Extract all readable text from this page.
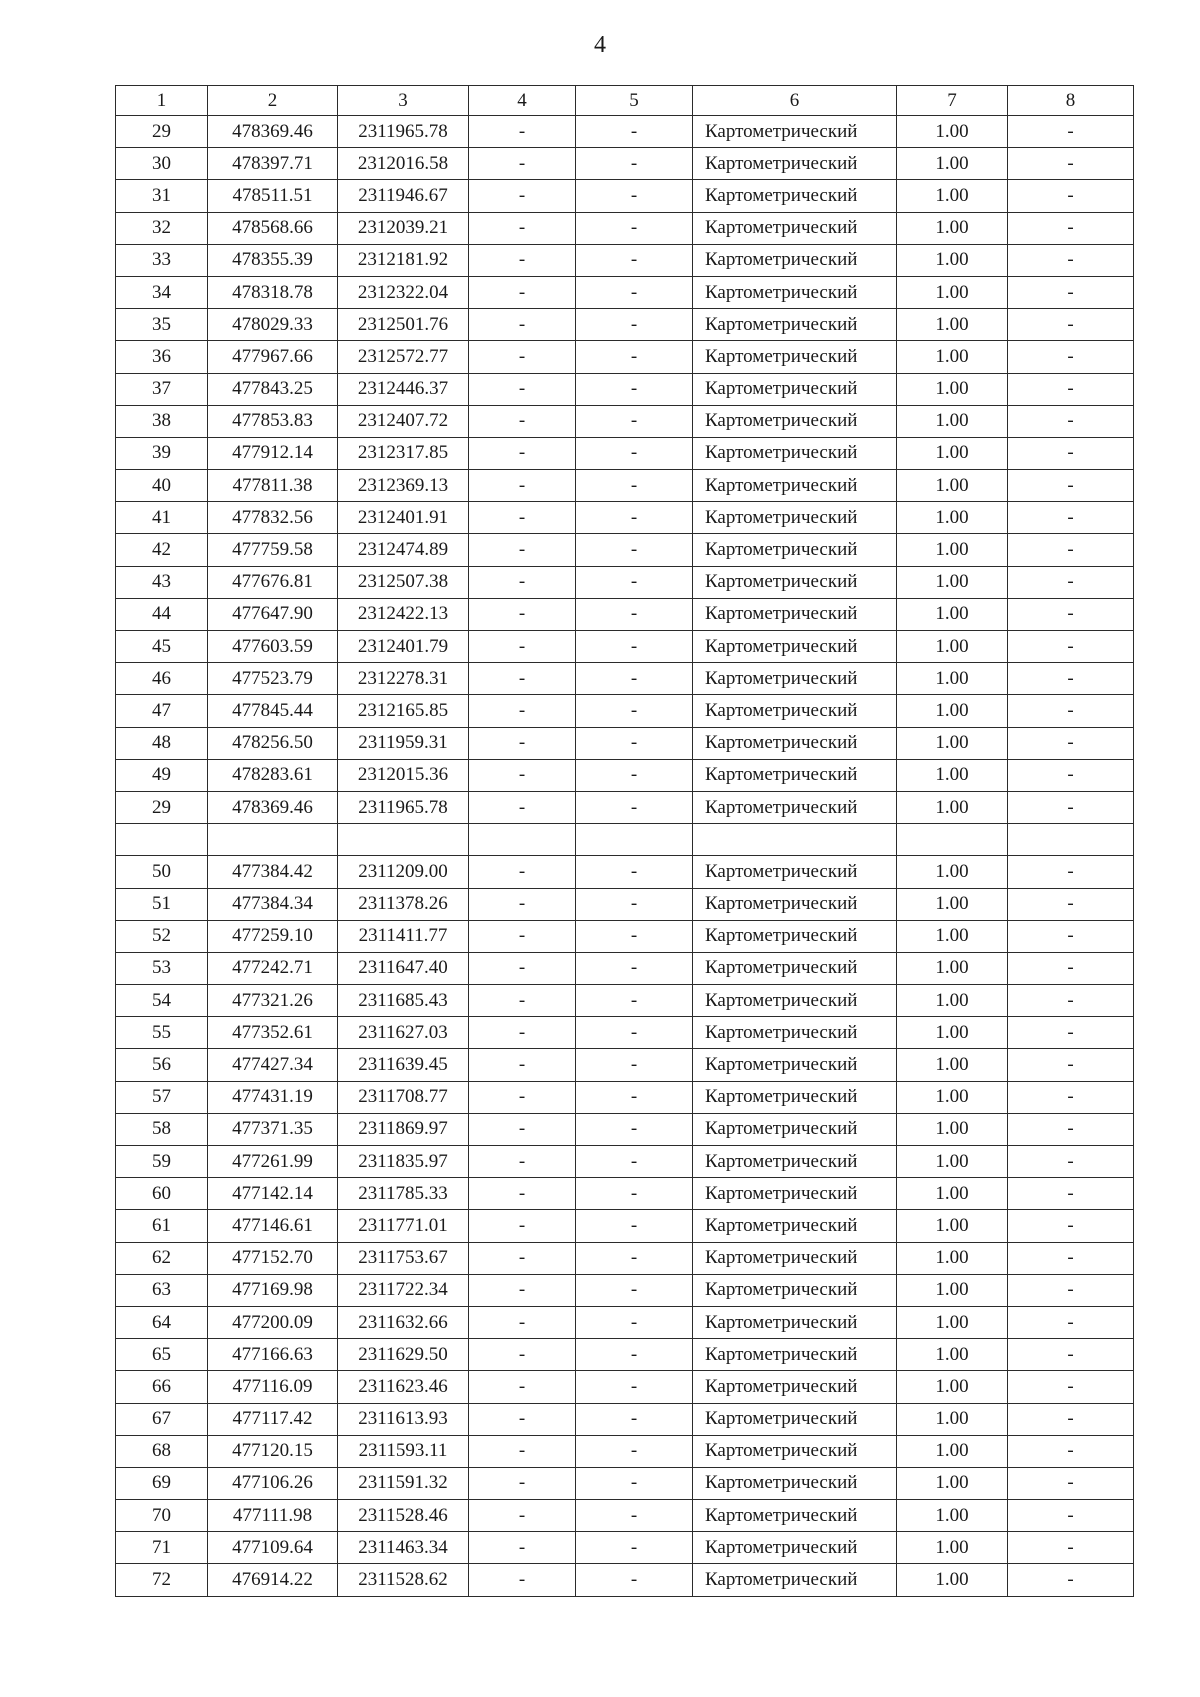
4
1	2	3	4	5	6	7	8
29	478369.46	2311965.78	-	-	Картометрический	1.00	-
30	478397.71	2312016.58	-	-	Картометрический	1.00	-
31	478511.51	2311946.67	-	-	Картометрический	1.00	-
32	478568.66	2312039.21	-	-	Картометрический	1.00	-
33	478355.39	2312181.92	-	-	Картометрический	1.00	-
34	478318.78	2312322.04	-	-	Картометрический	1.00	-
35	478029.33	2312501.76	-	-	Картометрический	1.00	-
36	477967.66	2312572.77	-	-	Картометрический	1.00	-
37	477843.25	2312446.37	-	-	Картометрический	1.00	-
38	477853.83	2312407.72	-	-	Картометрический	1.00	-
39	477912.14	2312317.85	-	-	Картометрический	1.00	-
40	477811.38	2312369.13	-	-	Картометрический	1.00	-
41	477832.56	2312401.91	-	-	Картометрический	1.00	-
42	477759.58	2312474.89	-	-	Картометрический	1.00	-
43	477676.81	2312507.38	-	-	Картометрический	1.00	-
44	477647.90	2312422.13	-	-	Картометрический	1.00	-
45	477603.59	2312401.79	-	-	Картометрический	1.00	-
46	477523.79	2312278.31	-	-	Картометрический	1.00	-
47	477845.44	2312165.85	-	-	Картометрический	1.00	-
48	478256.50	2311959.31	-	-	Картометрический	1.00	-
49	478283.61	2312015.36	-	-	Картометрический	1.00	-
29	478369.46	2311965.78	-	-	Картометрический	1.00	-

50	477384.42	2311209.00	-	-	Картометрический	1.00	-
51	477384.34	2311378.26	-	-	Картометрический	1.00	-
52	477259.10	2311411.77	-	-	Картометрический	1.00	-
53	477242.71	2311647.40	-	-	Картометрический	1.00	-
54	477321.26	2311685.43	-	-	Картометрический	1.00	-
55	477352.61	2311627.03	-	-	Картометрический	1.00	-
56	477427.34	2311639.45	-	-	Картометрический	1.00	-
57	477431.19	2311708.77	-	-	Картометрический	1.00	-
58	477371.35	2311869.97	-	-	Картометрический	1.00	-
59	477261.99	2311835.97	-	-	Картометрический	1.00	-
60	477142.14	2311785.33	-	-	Картометрический	1.00	-
61	477146.61	2311771.01	-	-	Картометрический	1.00	-
62	477152.70	2311753.67	-	-	Картометрический	1.00	-
63	477169.98	2311722.34	-	-	Картометрический	1.00	-
64	477200.09	2311632.66	-	-	Картометрический	1.00	-
65	477166.63	2311629.50	-	-	Картометрический	1.00	-
66	477116.09	2311623.46	-	-	Картометрический	1.00	-
67	477117.42	2311613.93	-	-	Картометрический	1.00	-
68	477120.15	2311593.11	-	-	Картометрический	1.00	-
69	477106.26	2311591.32	-	-	Картометрический	1.00	-
70	477111.98	2311528.46	-	-	Картометрический	1.00	-
71	477109.64	2311463.34	-	-	Картометрический	1.00	-
72	476914.22	2311528.62	-	-	Картометрический	1.00	-
